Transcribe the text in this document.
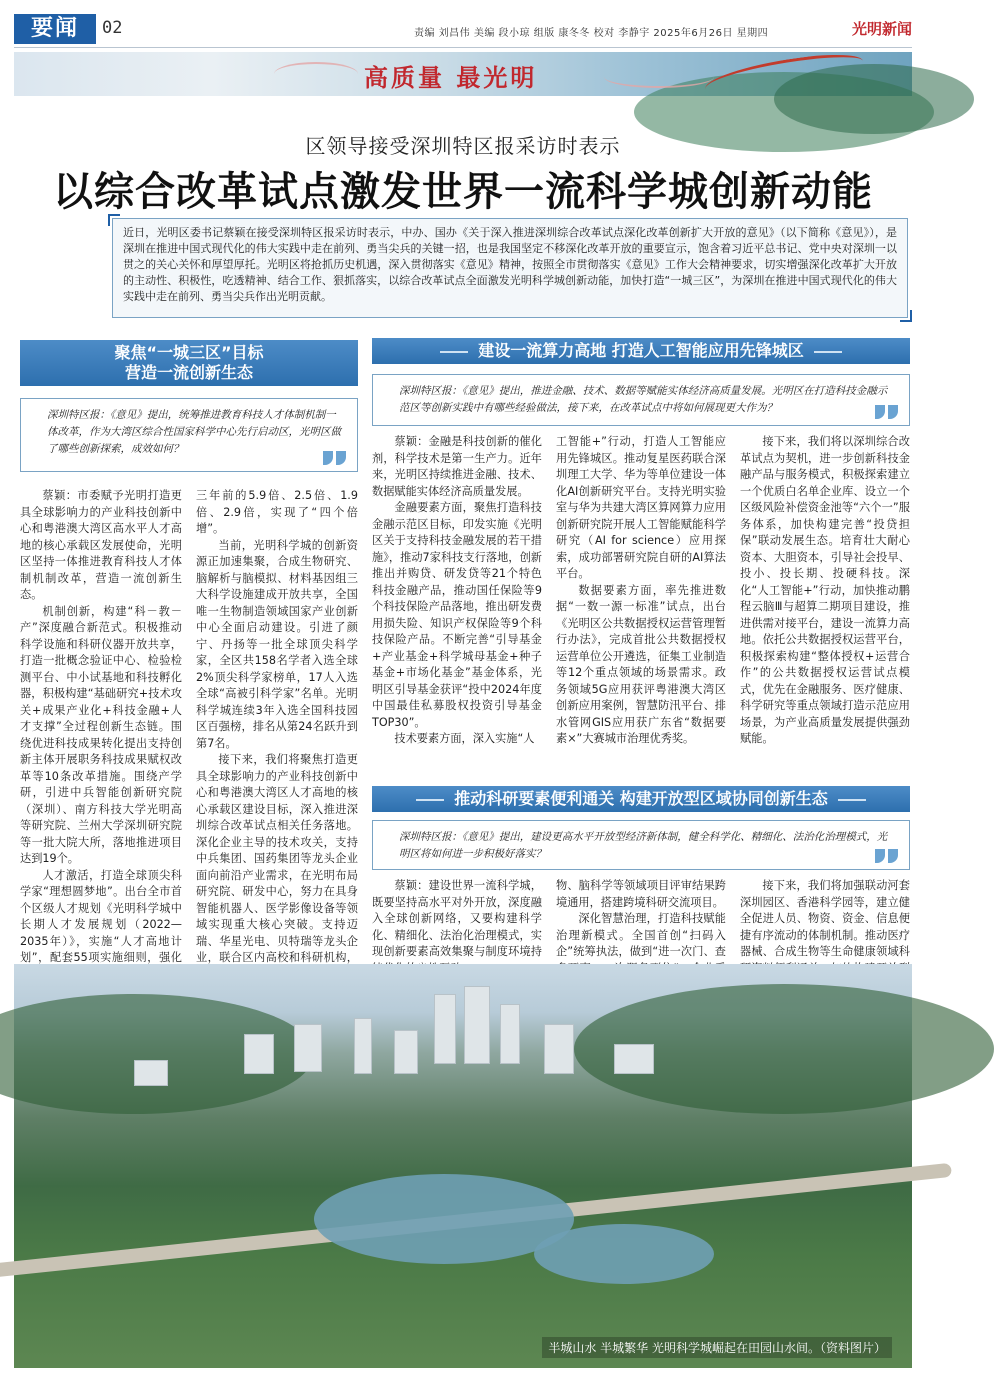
要闻	02	责编 刘昌伟 美编 段小琼 组版 康冬冬 校对 李静宇 2025年6月26日 星期四	光明新闻
高质量 最光明
区领导接受深圳特区报采访时表示
以综合改革试点激发世界一流科学城创新动能
近日，光明区委书记蔡颖在接受深圳特区报采访时表示，中办、国办《关于深入推进深圳综合改革试点深化改革创新扩大开放的意见》（以下简称《意见》），是深圳在推进中国式现代化的伟大实践中走在前列、勇当尖兵的关键一招，也是我国坚定不移深化改革开放的重要宣示，饱含着习近平总书记、党中央对深圳一以贯之的关心关怀和厚望厚托。光明区将抢抓历史机遇，深入贯彻落实《意见》精神，按照全市贯彻落实《意见》工作大会精神要求，切实增强深化改革扩大开放的主动性、积极性，吃透精神、结合工作、狠抓落实，以综合改革试点全面激发光明科学城创新动能，加快打造“一城三区”，为深圳在推进中国式现代化的伟大实践中走在前列、勇当尖兵作出光明贡献。
聚焦“一城三区”目标
营造一流创新生态
深圳特区报：《意见》提出，统筹推进教育科技人才体制机制一体改革，作为大湾区综合性国家科学中心先行启动区，光明区做了哪些创新探索，成效如何？

蔡颖：市委赋予光明打造更具全球影响力的产业科技创新中心和粤港澳大湾区高水平人才高地的核心承载区发展使命，光明区坚持一体推进教育科技人才体制机制改革，营造一流创新生态。

机制创新，构建“科－教－产”深度融合新范式。积极推动科学设施和科研仪器开放共享，打造一批概念验证中心、检验检测平台、中小试基地和科技孵化器，积极构建“基础研究+技术攻关+成果产业化+科技金融+人才支撑”全过程创新生态链。围绕优进科技成果转化提出支持创新主体开展职务科技成果赋权改革等10条改革措施。围绕产学研，引进中兵智能创新研究院（深圳）、南方科技大学光明高等研究院、兰州大学深圳研究院等一批大院大所，落地推进项目达到19个。

人才激活，打造全球顶尖科学家“理想圆梦地”。出台全市首个区级人才规划《光明科学城中长期人才发展规划（2022—2035年）》，实施“人才高地计划”，配套55项实施细则，强化

三年前的5.9倍、2.5倍、1.9倍、2.9倍，实现了“四个倍增”。

当前，光明科学城的创新资源正加速集聚，合成生物研究、脑解析与脑模拟、材料基因组三大科学设施建成开放共享，全国唯一生物制造领域国家产业创新中心全面启动建设。引进了颜宁、丹扬等一批全球顶尖科学家，全区共158名学者入选全球2%顶尖科学家榜单，17人入选全球“高被引科学家”名单。光明科学城连续3年入选全国科技园区百强榜，排名从第24名跃升到第7名。

接下来，我们将聚焦打造更具全球影响力的产业科技创新中心和粤港澳大湾区人才高地的核心承载区建设目标，深入推进深圳综合改革试点相关任务落地。深化企业主导的技术攻关，支持中兵集团、国药集团等龙头企业面向前沿产业需求，在光明布局研究院、研发中心，努力在具身智能机器人、医学影像设备等领域实现重大核心突破。支持迈瑞、华星光电、贝特瑞等龙头企业，联合区内高校和科研机构，

建设一流算力高地 打造人工智能应用先锋城区
深圳特区报：《意见》提出，推进金融、技术、数据等赋能实体经济高质量发展。光明区在打造科技金融示范区等创新实践中有哪些经验做法，接下来，在改革试点中将如何展现更大作为？

蔡颖：金融是科技创新的催化剂，科学技术是第一生产力。近年来，光明区持续推进金融、技术、数据赋能实体经济高质量发展。

金融要素方面，聚焦打造科技金融示范区目标，印发实施《光明区关于支持科技金融发展的若干措施》，推动7家科技支行落地，创新推出并购贷、研发贷等21个特色科技金融产品，推动国任保险等9个科技保险产品落地，推出研发费用损失险、知识产权保险等9个科技保险产品。不断完善“引导基金+产业基金+科学城母基金+种子基金+市场化基金”基金体系，光明区引导基金获评“投中2024年度中国最佳私募股权投资引导基金TOP30”。

技术要素方面，深入实施“人

工智能+”行动，打造人工智能应用先锋城区。推动复星医药联合深圳理工大学、华为等单位建设一体化AI创新研究平台。支持光明实验室与华为共建大湾区算网算力应用创新研究院开展人工智能赋能科学研究（AI for science）应用探索，成功部署研究院自研的AI算法平台。

数据要素方面，率先推进数据“一数一源一标准”试点，出台《光明区公共数据授权运营管理暂行办法》，完成首批公共数据授权运营单位公开遴选，征集工业制造等12个重点领域的场景需求。政务领域5G应用获评粤港澳大湾区创新应用案例，智慧防汛平台、排水管网GIS应用获广东省“数据要素×”大赛城市治理优秀奖。

接下来，我们将以深圳综合改革试点为契机，进一步创新科技金融产品与服务模式，积极探索建立一个优质白名单企业库、设立一个区级风险补偿资金池等“六个一”服务体系，加快构建完善“投贷担保”联动发展生态。培育壮大耐心资本、大胆资本，引导社会投早、投小、投长期、投硬科技。深化“人工智能+”行动，加快推动鹏程云脑Ⅲ与超算二期项目建设，推进供需对接平台，建设一流算力高地。依托公共数据授权运营平台，积极探索构建“整体授权+运营合作”的公共数据授权运营试点模式，优先在金融服务、医疗健康、科学研究等重点领域打造示范应用场景，为产业高质量发展提供强劲赋能。

推动科研要素便利通关 构建开放型区域协同创新生态
深圳特区报：《意见》提出，建设更高水平开放型经济新体制，健全科学化、精细化、法治化治理模式，光明区将如何进一步积极好落实？

蔡颖：建设世界一流科学城，既要坚持高水平对外开放，深度融入全球创新网络，又要构建科学化、精细化、法治化治理模式，实现创新要素高效集聚与制度环境持

物、脑科学等领域项目评审结果跨境通用，搭建跨境科研交流项目。

深化智慧治理，打造科技赋能治理新模式。全国首创“扫码入企”统筹执法，做到“进一次门、查

接下来，我们将加强联动河套深圳园区、香港科学园等，建立健全促进人员、物资、资金、信息便捷有序流动的体制机制。推动医疗器械、合成生物等生命健康领域科

半城山水 半城繁华 光明科学城崛起在田园山水间。（资料图片）
